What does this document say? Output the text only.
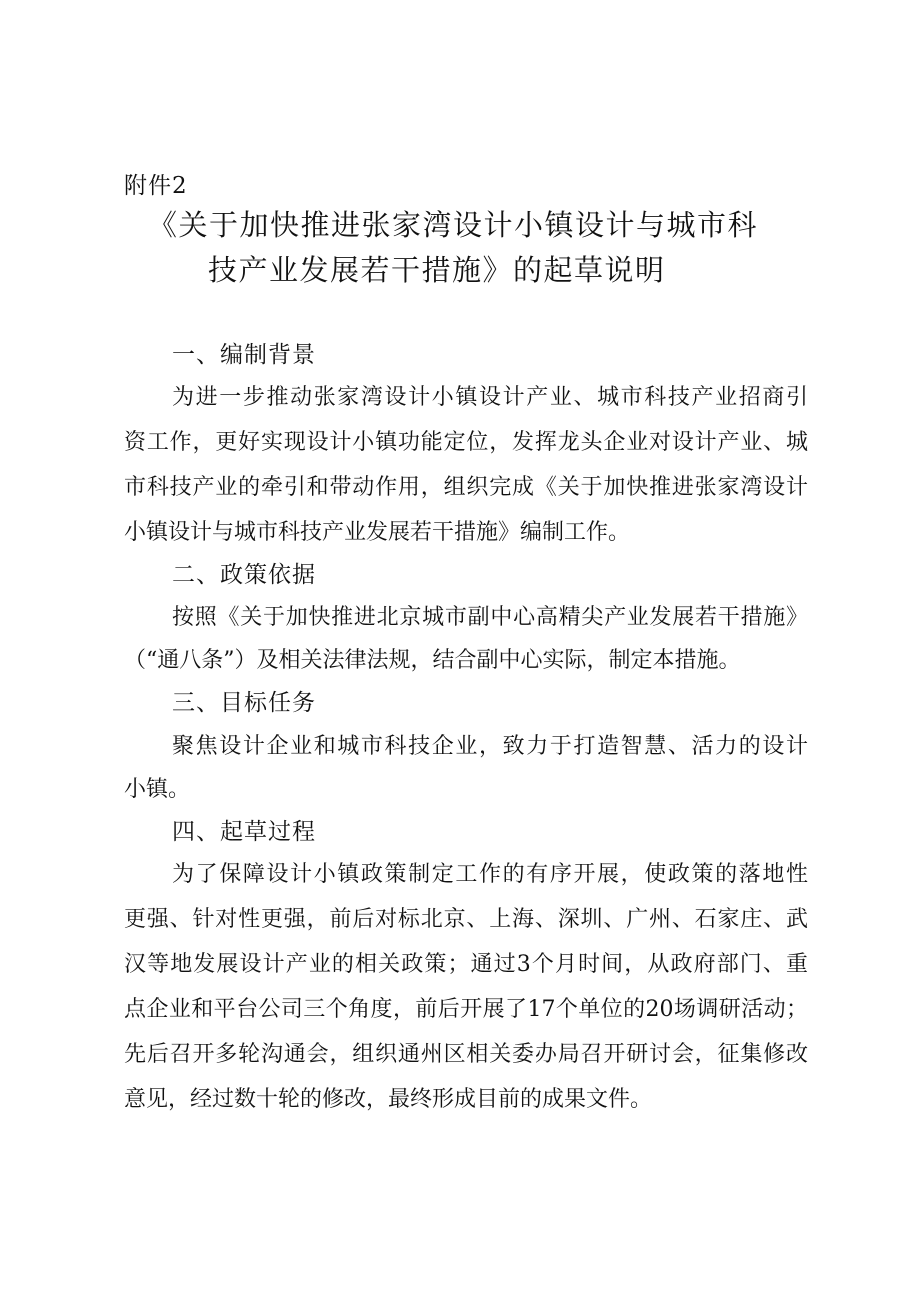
附件2
《关于加快推进张家湾设计小镇设计与城市科
技产业发展若干措施》的起草说明
一、编制背景
为进一步推动张家湾设计小镇设计产业、城市科技产业招商引
资工作，更好实现设计小镇功能定位，发挥龙头企业对设计产业、城
市科技产业的牵引和带动作用，组织完成《关于加快推进张家湾设计
小镇设计与城市科技产业发展若干措施》编制工作。
二、政策依据
按照《关于加快推进北京城市副中心高精尖产业发展若干措施》
（“通八条”）及相关法律法规，结合副中心实际，制定本措施。
三、目标任务
聚焦设计企业和城市科技企业，致力于打造智慧、活力的设计
小镇。
四、起草过程
为了保障设计小镇政策制定工作的有序开展，使政策的落地性
更强、针对性更强，前后对标北京、上海、深圳、广州、石家庄、武
汉等地发展设计产业的相关政策；通过3个月时间，从政府部门、重
点企业和平台公司三个角度，前后开展了17个单位的20场调研活动；
先后召开多轮沟通会，组织通州区相关委办局召开研讨会，征集修改
意见，经过数十轮的修改，最终形成目前的成果文件。
